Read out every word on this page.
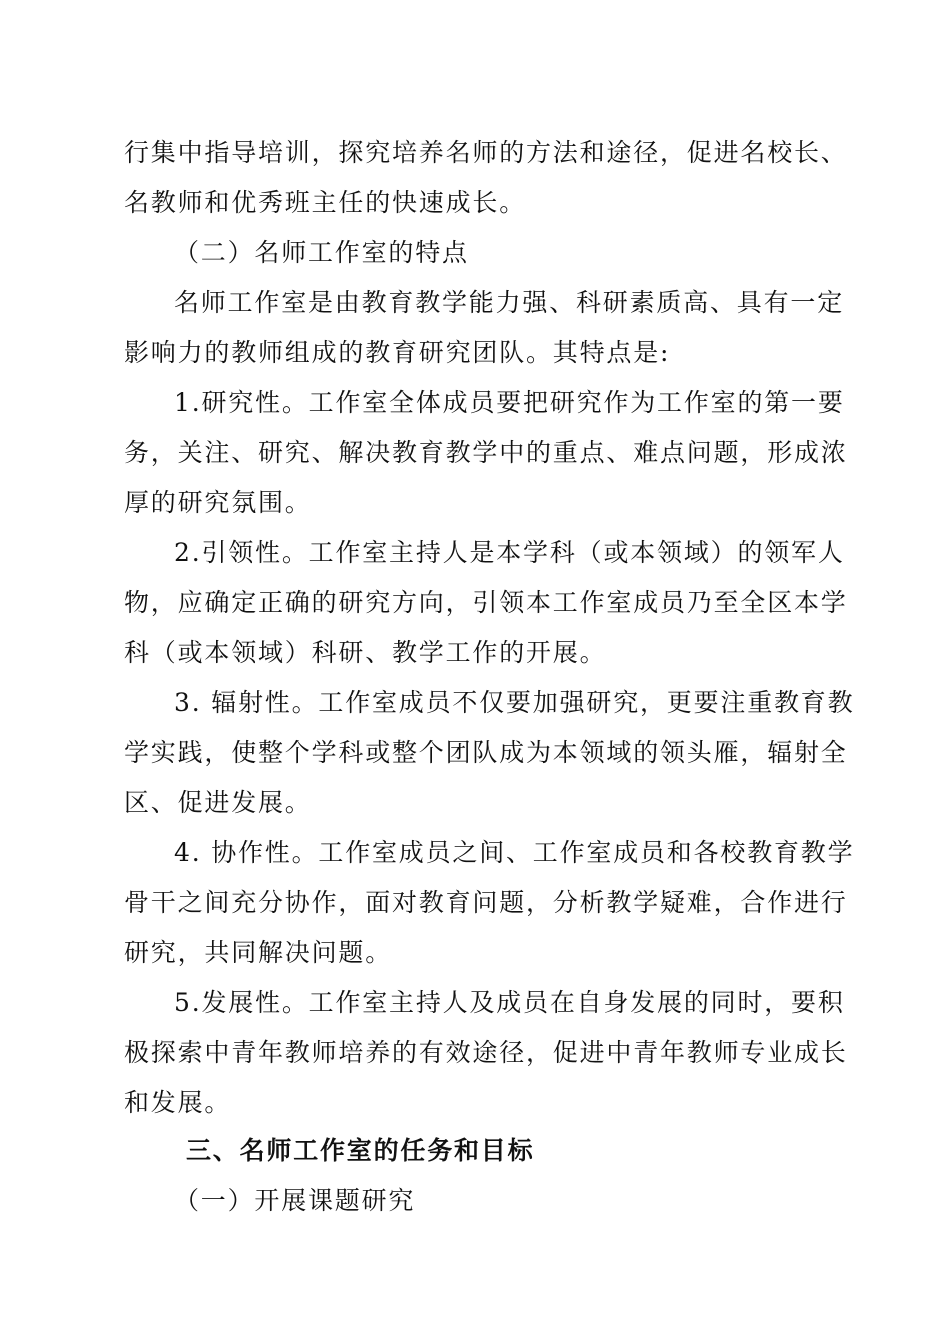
行集中指导培训，探究培养名师的方法和途径，促进名校长、
名教师和优秀班主任的快速成长。
（二）名师工作室的特点
名师工作室是由教育教学能力强、科研素质高、具有一定
影响力的教师组成的教育研究团队。其特点是:
1.研究性。工作室全体成员要把研究作为工作室的第一要
务，关注、研究、解决教育教学中的重点、难点问题，形成浓
厚的研究氛围。
2.引领性。工作室主持人是本学科（或本领域）的领军人
物，应确定正确的研究方向，引领本工作室成员乃至全区本学
科（或本领域）科研、教学工作的开展。
3. 辐射性。工作室成员不仅要加强研究，更要注重教育教
学实践，使整个学科或整个团队成为本领域的领头雁，辐射全
区、促进发展。
4. 协作性。工作室成员之间、工作室成员和各校教育教学
骨干之间充分协作，面对教育问题，分析教学疑难，合作进行
研究，共同解决问题。
5.发展性。工作室主持人及成员在自身发展的同时，要积
极探索中青年教师培养的有效途径，促进中青年教师专业成长
和发展。
三、名师工作室的任务和目标
（一）开展课题研究
